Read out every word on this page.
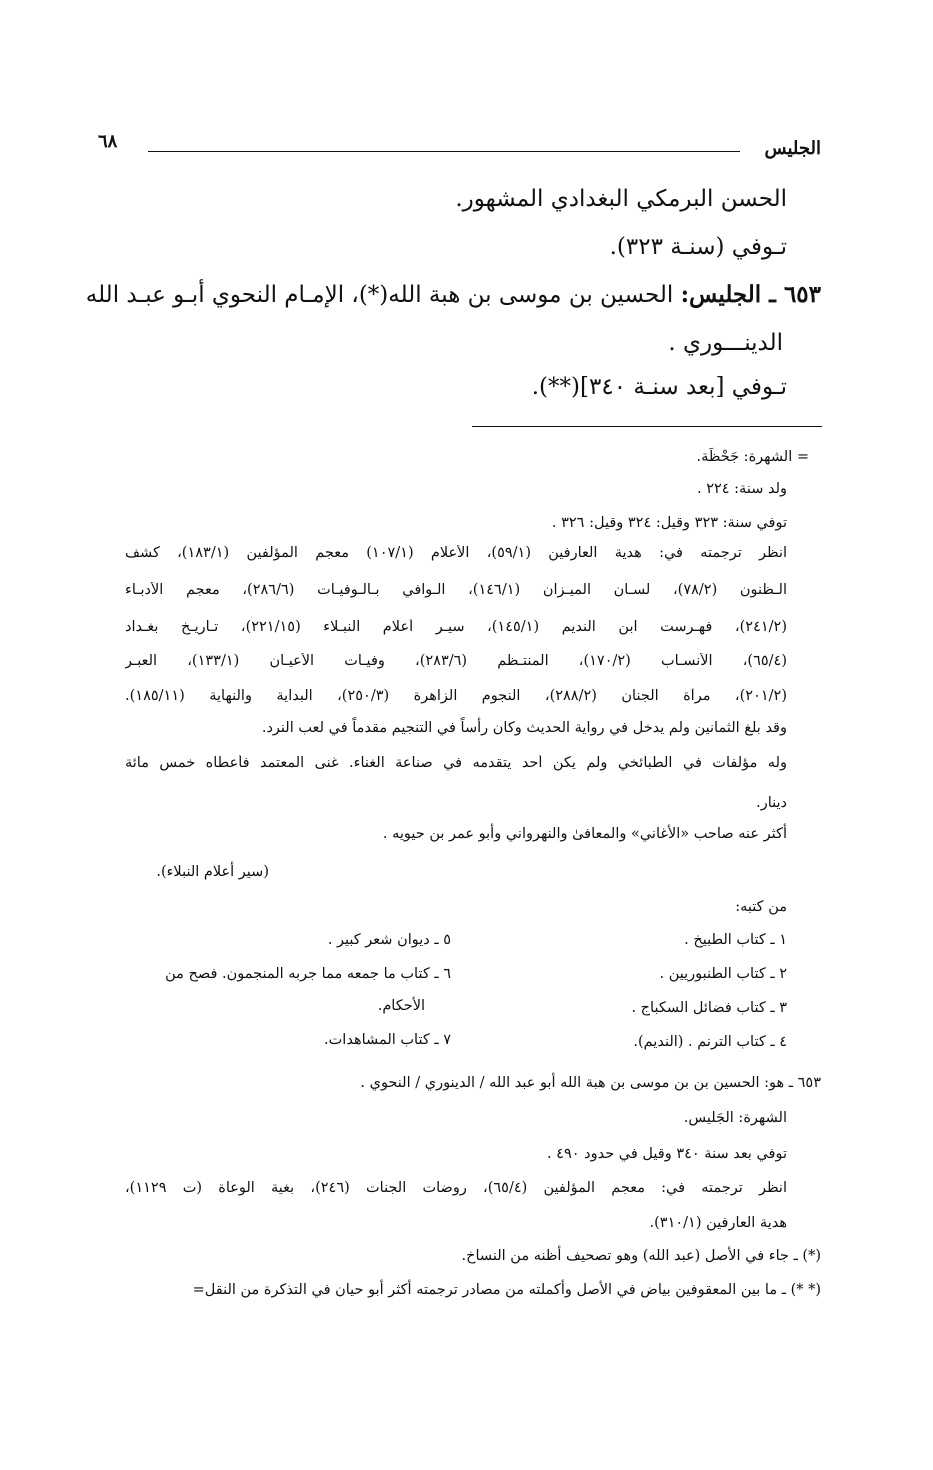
٦٨	الجليس
الحسن البرمكي البغدادي المشهور.
تـوفي (سنـة ٣٢٣).
٦٥٣ ـ الجليس: الحسين بن موسى بن هبة الله(*)، الإمـام النحوي أبـو عبـد الله
الدينـــوري .
تـوفي [بعد سنـة ٣٤٠](**).
= الشهرة: جَحْظَة.
ولد سنة: ٢٢٤ .
توفي سنة: ٣٢٣ وقيل: ٣٢٤ وقيل: ٣٢٦ .
انظر ترجمته في: هدية العارفين (٥٩/١)، الأعلام (١٠٧/١) معجم المؤلفين (١٨٣/١)، كشف
الـظنون (٧٨/٢)، لسـان الميـزان (١٤٦/١)، الـوافي بـالـوفيـات (٢٨٦/٦)، معجم الأدبـاء
(٢٤١/٢)، فهـرست ابن النديم (١٤٥/١)، سيـر أعلام النبـلاء (٢٢١/١٥)، تـاريـخ بغـداد
(٦٥/٤)، الأنسـاب (١٧٠/٢)، المنتـظم (٢٨٣/٦)، وفيـات الأعيـان (١٣٣/١)، العبـر
(٢٠١/٢)، مرآة الجنان (٢٨٨/٢)، النجوم الزاهرة (٢٥٠/٣)، البداية والنهاية (١٨٥/١١).
وقد بلغ الثمانين ولم يدخل في رواية الحديث وكان رأساً في التنجيم مقدماً في لعب النرد.
وله مؤلفات في الطبائخي ولم يكن أحد يتقدمه في صناعة الغناء. غنى المعتمد فأعطاه خمس مائة
دينار.
أكثر عنه صاحب «الأغاني» والمعافىٰ والنهرواني وأبو عمر بن حيويه .
(سير أعلام النبلاء).
من كتبه:
١ ـ كتاب الطبيخ .
٢ ـ كتاب الطنبوريين .
٣ ـ كتاب فضائل السكباج .
٤ ـ كتاب الترنم . (النديم).
٥ ـ ديوان شعر كبير .
٦ ـ كتاب ما جمعه مما جربه المنجمون. فصح من
الأحكام.
٧ ـ كتاب المشاهدات.
٦٥٣ ـ هو: الحسين بن بن موسى بن هبة الله أبو عبد الله / الدينوري / النحوي .
الشهرة: الجَليس.
توفي بعد سنة ٣٤٠ وقيل في حدود ٤٩٠ .
انظر ترجمته في: معجم المؤلفين (٦٥/٤)، روضات الجنات (٢٤٦)، بغية الوعاة (ت ١١٢٩)،
هدية العارفين (٣١٠/١).
(*) ـ جاء في الأصل (عبد الله) وهو تصحيف أظنه من النساخ.
(* *) ـ ما بين المعقوفين بياض في الأصل وأكملته من مصادر ترجمته أكثر أبو حيان في التذكرة من النقل=
